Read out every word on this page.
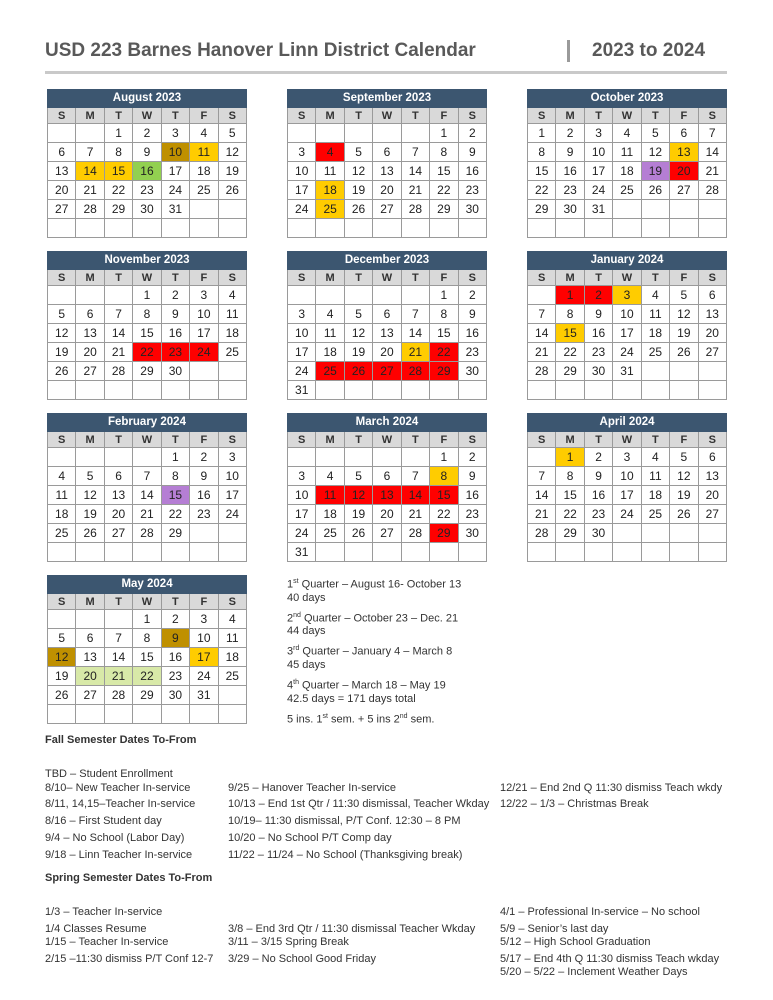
USD 223 Barnes Hanover Linn District Calendar	2023 to 2024
August 2023						
S	M	T	W	T	F	S
		1	2	3	4	5
6	7	8	9	10	11	12
13	14	15	16	17	18	19
20	21	22	23	24	25	26
27	28	29	30	31		

September 2023						
S	M	T	W	T	F	S
					1	2
3	4	5	6	7	8	9
10	11	12	13	14	15	16
17	18	19	20	21	22	23
24	25	26	27	28	29	30

October 2023						
S	M	T	W	T	F	S
1	2	3	4	5	6	7
8	9	10	11	12	13	14
15	16	17	18	19	20	21
22	23	24	25	26	27	28
29	30	31				

November 2023						
S	M	T	W	T	F	S
			1	2	3	4
5	6	7	8	9	10	11
12	13	14	15	16	17	18
19	20	21	22	23	24	25
26	27	28	29	30		

December 2023						
S	M	T	W	T	F	S
					1	2
3	4	5	6	7	8	9
10	11	12	13	14	15	16
17	18	19	20	21	22	23
24	25	26	27	28	29	30
31						
January 2024						
S	M	T	W	T	F	S
	1	2	3	4	5	6
7	8	9	10	11	12	13
14	15	16	17	18	19	20
21	22	23	24	25	26	27
28	29	30	31			

February 2024						
S	M	T	W	T	F	S
				1	2	3
4	5	6	7	8	9	10
11	12	13	14	15	16	17
18	19	20	21	22	23	24
25	26	27	28	29		

March 2024						
S	M	T	W	T	F	S
					1	2
3	4	5	6	7	8	9
10	11	12	13	14	15	16
17	18	19	20	21	22	23
24	25	26	27	28	29	30
31						
April 2024						
S	M	T	W	T	F	S
	1	2	3	4	5	6
7	8	9	10	11	12	13
14	15	16	17	18	19	20
21	22	23	24	25	26	27
28	29	30				

May 2024						
S	M	T	W	T	F	S
			1	2	3	4
5	6	7	8	9	10	11
12	13	14	15	16	17	18
19	20	21	22	23	24	25
26	27	28	29	30	31	

1st Quarter – August 16- October 13
40 days
2nd Quarter – October 23 – Dec. 21
44 days
3rd Quarter – January 4 – March 8
45 days
4th Quarter – March 18 – May 19
42.5 days = 171 days total
5 ins. 1st sem. + 5 ins 2nd sem.
Fall Semester Dates To-From
TBD – Student Enrollment
8/10– New Teacher In-service
8/11, 14,15–Teacher In-service
8/16 – First Student day
9/4 – No School (Labor Day)
9/18 – Linn Teacher In-service
9/25 – Hanover Teacher In-service
10/13 – End 1st Qtr / 11:30 dismissal, Teacher Wkday
10/19– 11:30 dismissal, P/T Conf. 12:30 – 8 PM
10/20 – No School P/T Comp day
11/22 – 11/24 – No School (Thanksgiving break)
12/21 – End 2nd Q 11:30 dismiss Teach wkdy
12/22 – 1/3 – Christmas Break
Spring Semester Dates To-From
1/3 – Teacher In-service
1/4 Classes Resume
1/15 – Teacher In-service
2/15 –11:30 dismiss P/T Conf 12-7
3/8 – End 3rd Qtr / 11:30 dismissal Teacher Wkday
3/11 – 3/15 Spring Break
3/29 – No School Good Friday
4/1 – Professional In-service – No school
5/9 – Senior’s last day
5/12 – High School Graduation
5/17 – End 4th Q 11:30 dismiss Teach wkday
5/20 – 5/22 – Inclement Weather Days
